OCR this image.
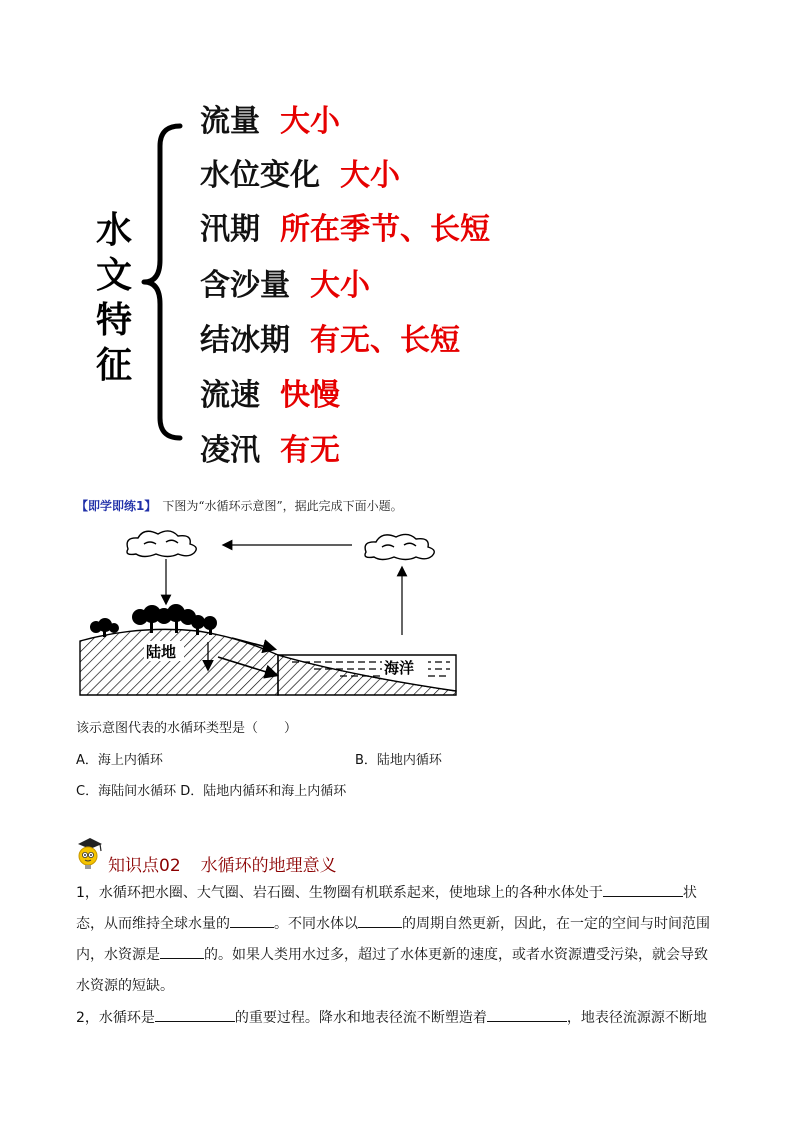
水
文
特
征
流量 大小
水位变化 大小
汛期 所在季节、长短
含沙量 大小
结冰期 有无、长短
流速 快慢
凌汛 有无
【即学即练1】 下图为“水循环示意图”，据此完成下面小题。
陆地
海洋
该示意图代表的水循环类型是（　　）
A．海上内循环	B．陆地内循环
C．海陆间水循环 D．陆地内循环和海上内循环
知识点02 水循环的地理意义
1，水循环把水圈、大气圈、岩石圈、生物圈有机联系起来，使地球上的各种水体处于	状态，从而维持全球水量的	。不同水体以	的周期自然更新，因此，在一定的空间与时间范围内，水资源是	的。如果人类用水过多，超过了水体更新的速度，或者水资源遭受污染，就会导致水资源的短缺。
2，水循环是	的重要过程。降水和地表径流不断塑造着	，地表径流源源不断地
